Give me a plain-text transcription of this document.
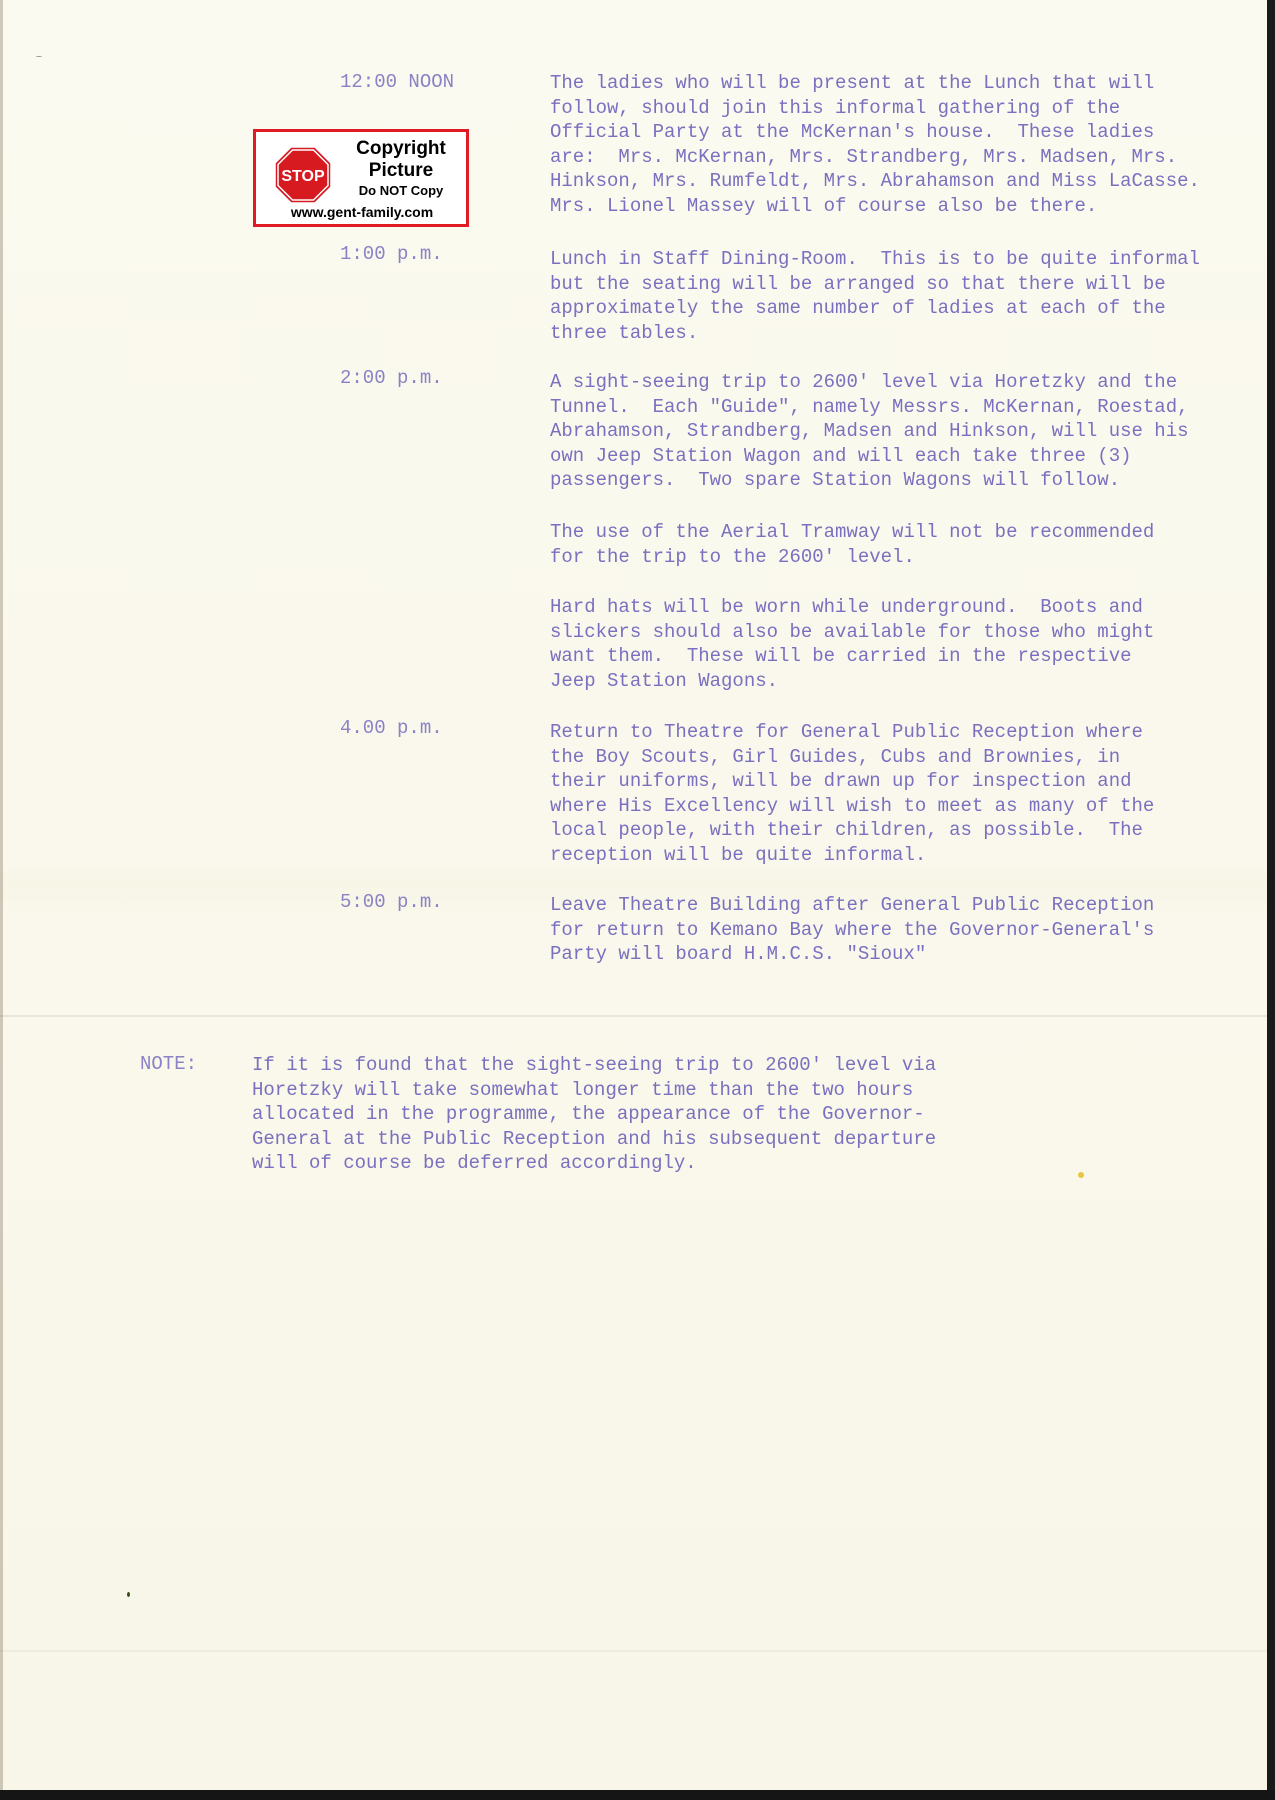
12:00 NOON	The ladies who will be present at the Lunch that will
follow, should join this informal gathering of the
Official Party at the McKernan's house.  These ladies
are:  Mrs. McKernan, Mrs. Strandberg, Mrs. Madsen, Mrs.
Hinkson, Mrs. Rumfeldt, Mrs. Abrahamson and Miss LaCasse.
Mrs. Lionel Massey will of course also be there.
1:00 p.m.	Lunch in Staff Dining-Room.  This is to be quite informal
but the seating will be arranged so that there will be
approximately the same number of ladies at each of the
three tables.
2:00 p.m.	A sight-seeing trip to 2600' level via Horetzky and the
Tunnel.  Each "Guide", namely Messrs. McKernan, Roestad,
Abrahamson, Strandberg, Madsen and Hinkson, will use his
own Jeep Station Wagon and will each take three (3)
passengers.  Two spare Station Wagons will follow.
The use of the Aerial Tramway will not be recommended
for the trip to the 2600' level.
Hard hats will be worn while underground.  Boots and
slickers should also be available for those who might
want them.  These will be carried in the respective
Jeep Station Wagons.
4.00 p.m.	Return to Theatre for General Public Reception where
the Boy Scouts, Girl Guides, Cubs and Brownies, in
their uniforms, will be drawn up for inspection and
where His Excellency will wish to meet as many of the
local people, with their children, as possible.  The
reception will be quite informal.
5:00 p.m.	Leave Theatre Building after General Public Reception
for return to Kemano Bay where the Governor-General's
Party will board H.M.C.S. "Sioux"
NOTE:	If it is found that the sight-seeing trip to 2600' level via
Horetzky will take somewhat longer time than the two hours
allocated in the programme, the appearance of the Governor-
General at the Public Reception and his subsequent departure
will of course be deferred accordingly.
STOP
Copyright Picture
Do NOT Copy
www.gent-family.com
